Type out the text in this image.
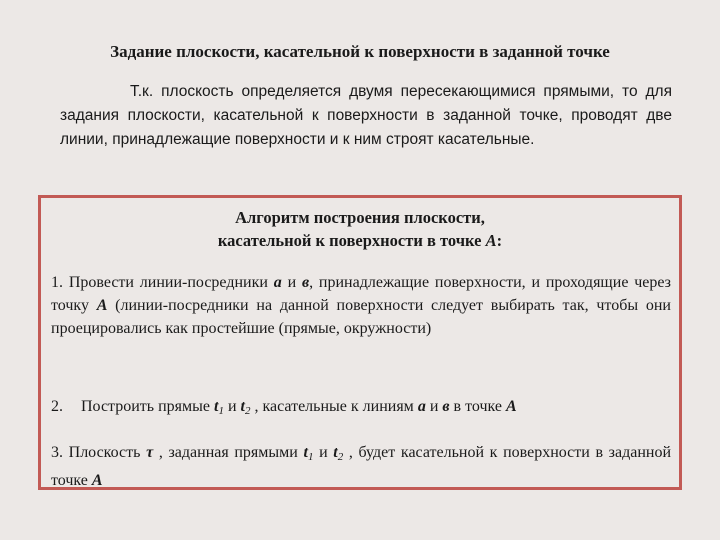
Задание плоскости, касательной к поверхности в заданной точке
Т.к. плоскость определяется двумя пересекающимися прямыми, то для задания плоскости, касательной к поверхности в заданной точке, проводят две линии, принадлежащие поверхности и к ним строят касательные.
Алгоритм построения плоскости,
касательной к поверхности в точке А:
1. Провести линии-посредники а и в, принадлежащие поверхности, и проходящие через точку А (линии-посредники на данной поверхности следует выбирать так, чтобы они проецировались как простейшие (прямые, окружности)
2. Построить прямые $t_1$ и $t_2$ , касательные к линиям а и в в точке А
3. Плоскость τ , заданная прямыми $t_1$ и $t_2$ , будет касательной к поверхности в заданной точке А
